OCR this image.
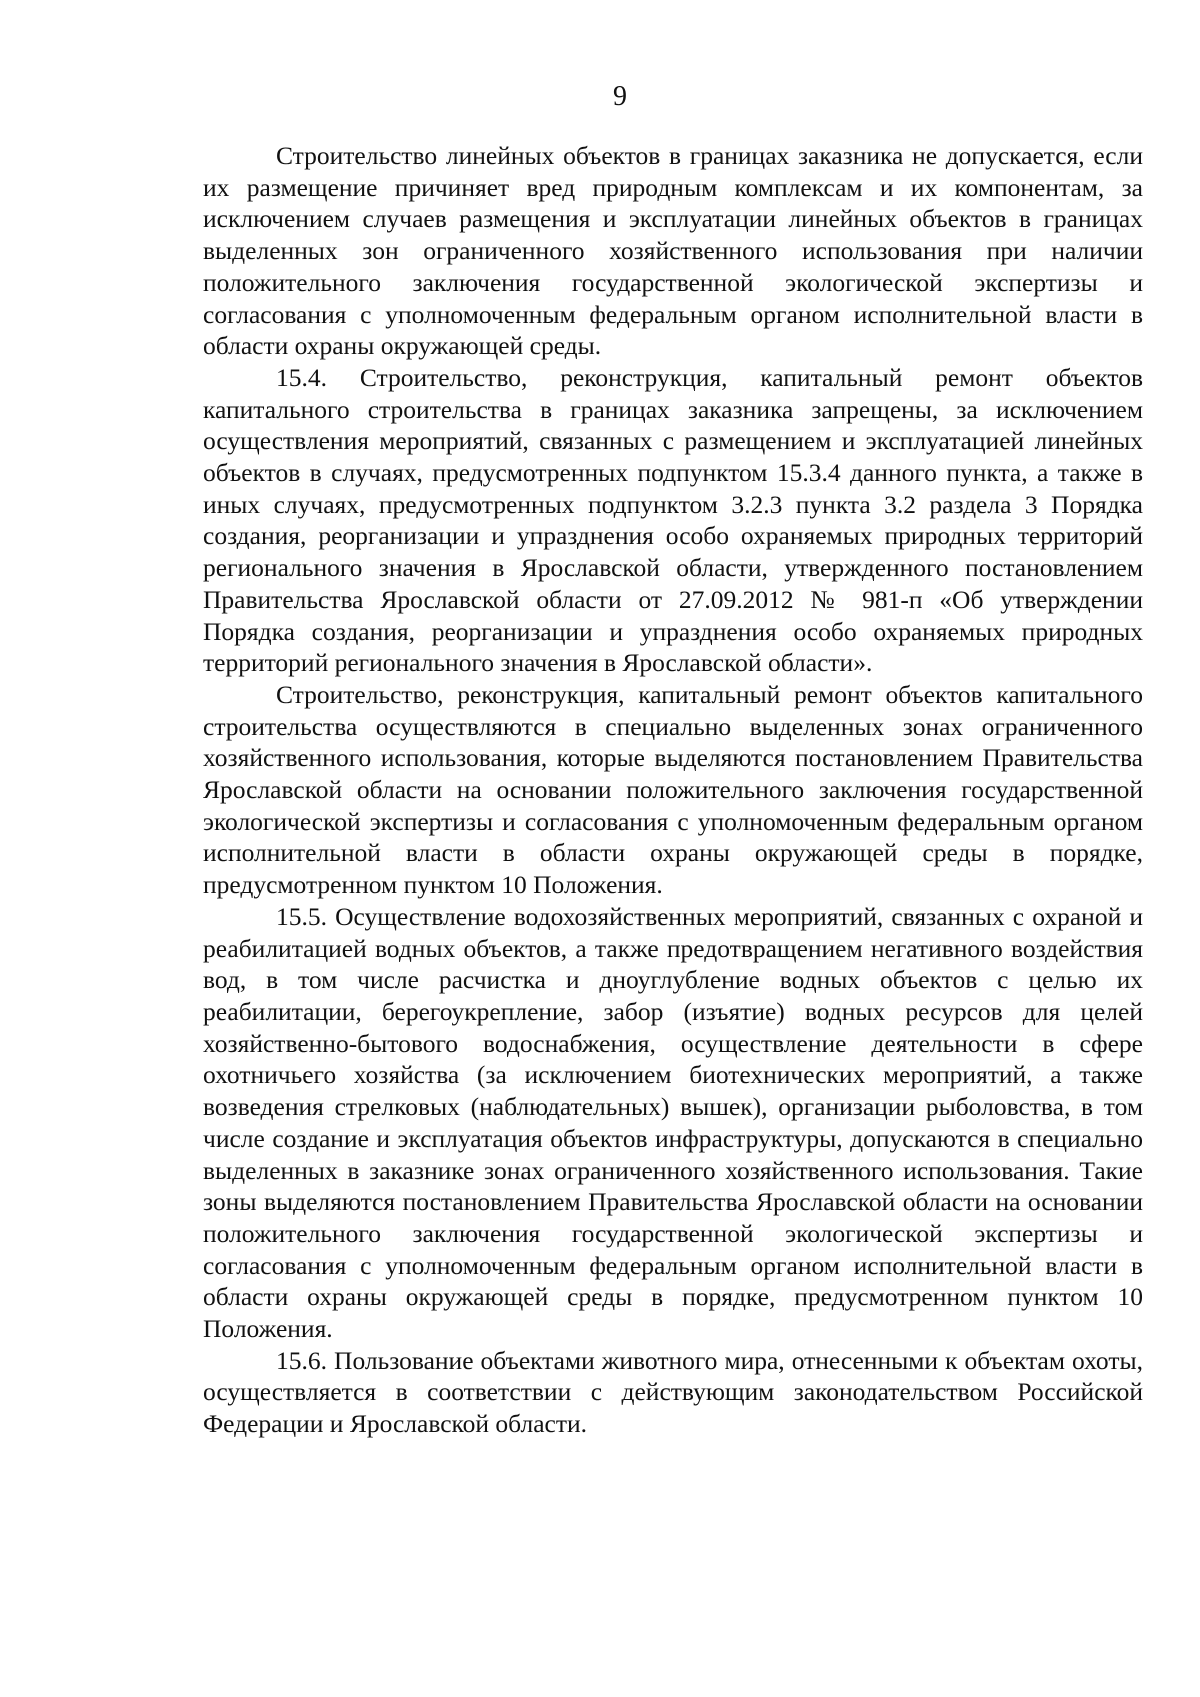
9

Строительство линейных объектов в границах заказника не допускается, если их размещение причиняет вред природным комплексам и их компонентам, за исключением случаев размещения и эксплуатации линейных объектов в границах выделенных зон ограниченного хозяйственного использования при наличии положительного заключения государственной экологической экспертизы и согласования с уполномоченным федеральным органом исполнительной власти в области охраны окружающей среды.

15.4. Строительство, реконструкция, капитальный ремонт объектов капитального строительства в границах заказника запрещены, за исключением осуществления мероприятий, связанных с размещением и эксплуатацией линейных объектов в случаях, предусмотренных подпунктом 15.3.4 данного пункта, а также в иных случаях, предусмотренных подпунктом 3.2.3 пункта 3.2 раздела 3 Порядка создания, реорганизации и упразднения особо охраняемых природных территорий регионального значения в Ярославской области, утвержденного постановлением Правительства Ярославской области от 27.09.2012 № 981-п «Об утверждении Порядка создания, реорганизации и упразднения особо охраняемых природных территорий регионального значения в Ярославской области».

Строительство, реконструкция, капитальный ремонт объектов капитального строительства осуществляются в специально выделенных зонах ограниченного хозяйственного использования, которые выделяются постановлением Правительства Ярославской области на основании положительного заключения государственной экологической экспертизы и согласования с уполномоченным федеральным органом исполнительной власти в области охраны окружающей среды в порядке, предусмотренном пунктом 10 Положения.

15.5. Осуществление водохозяйственных мероприятий, связанных с охраной и реабилитацией водных объектов, а также предотвращением негативного воздействия вод, в том числе расчистка и дноуглубление водных объектов с целью их реабилитации, берегоукрепление, забор (изъятие) водных ресурсов для целей хозяйственно-бытового водоснабжения, осуществление деятельности в сфере охотничьего хозяйства (за исключением биотехнических мероприятий, а также возведения стрелковых (наблюдательных) вышек), организации рыболовства, в том числе создание и эксплуатация объектов инфраструктуры, допускаются в специально выделенных в заказнике зонах ограниченного хозяйственного использования. Такие зоны выделяются постановлением Правительства Ярославской области на основании положительного заключения государственной экологической экспертизы и согласования с уполномоченным федеральным органом исполнительной власти в области охраны окружающей среды в порядке, предусмотренном пунктом 10 Положения.

15.6. Пользование объектами животного мира, отнесенными к объектам охоты, осуществляется в соответствии с действующим законодательством Российской Федерации и Ярославской области.
